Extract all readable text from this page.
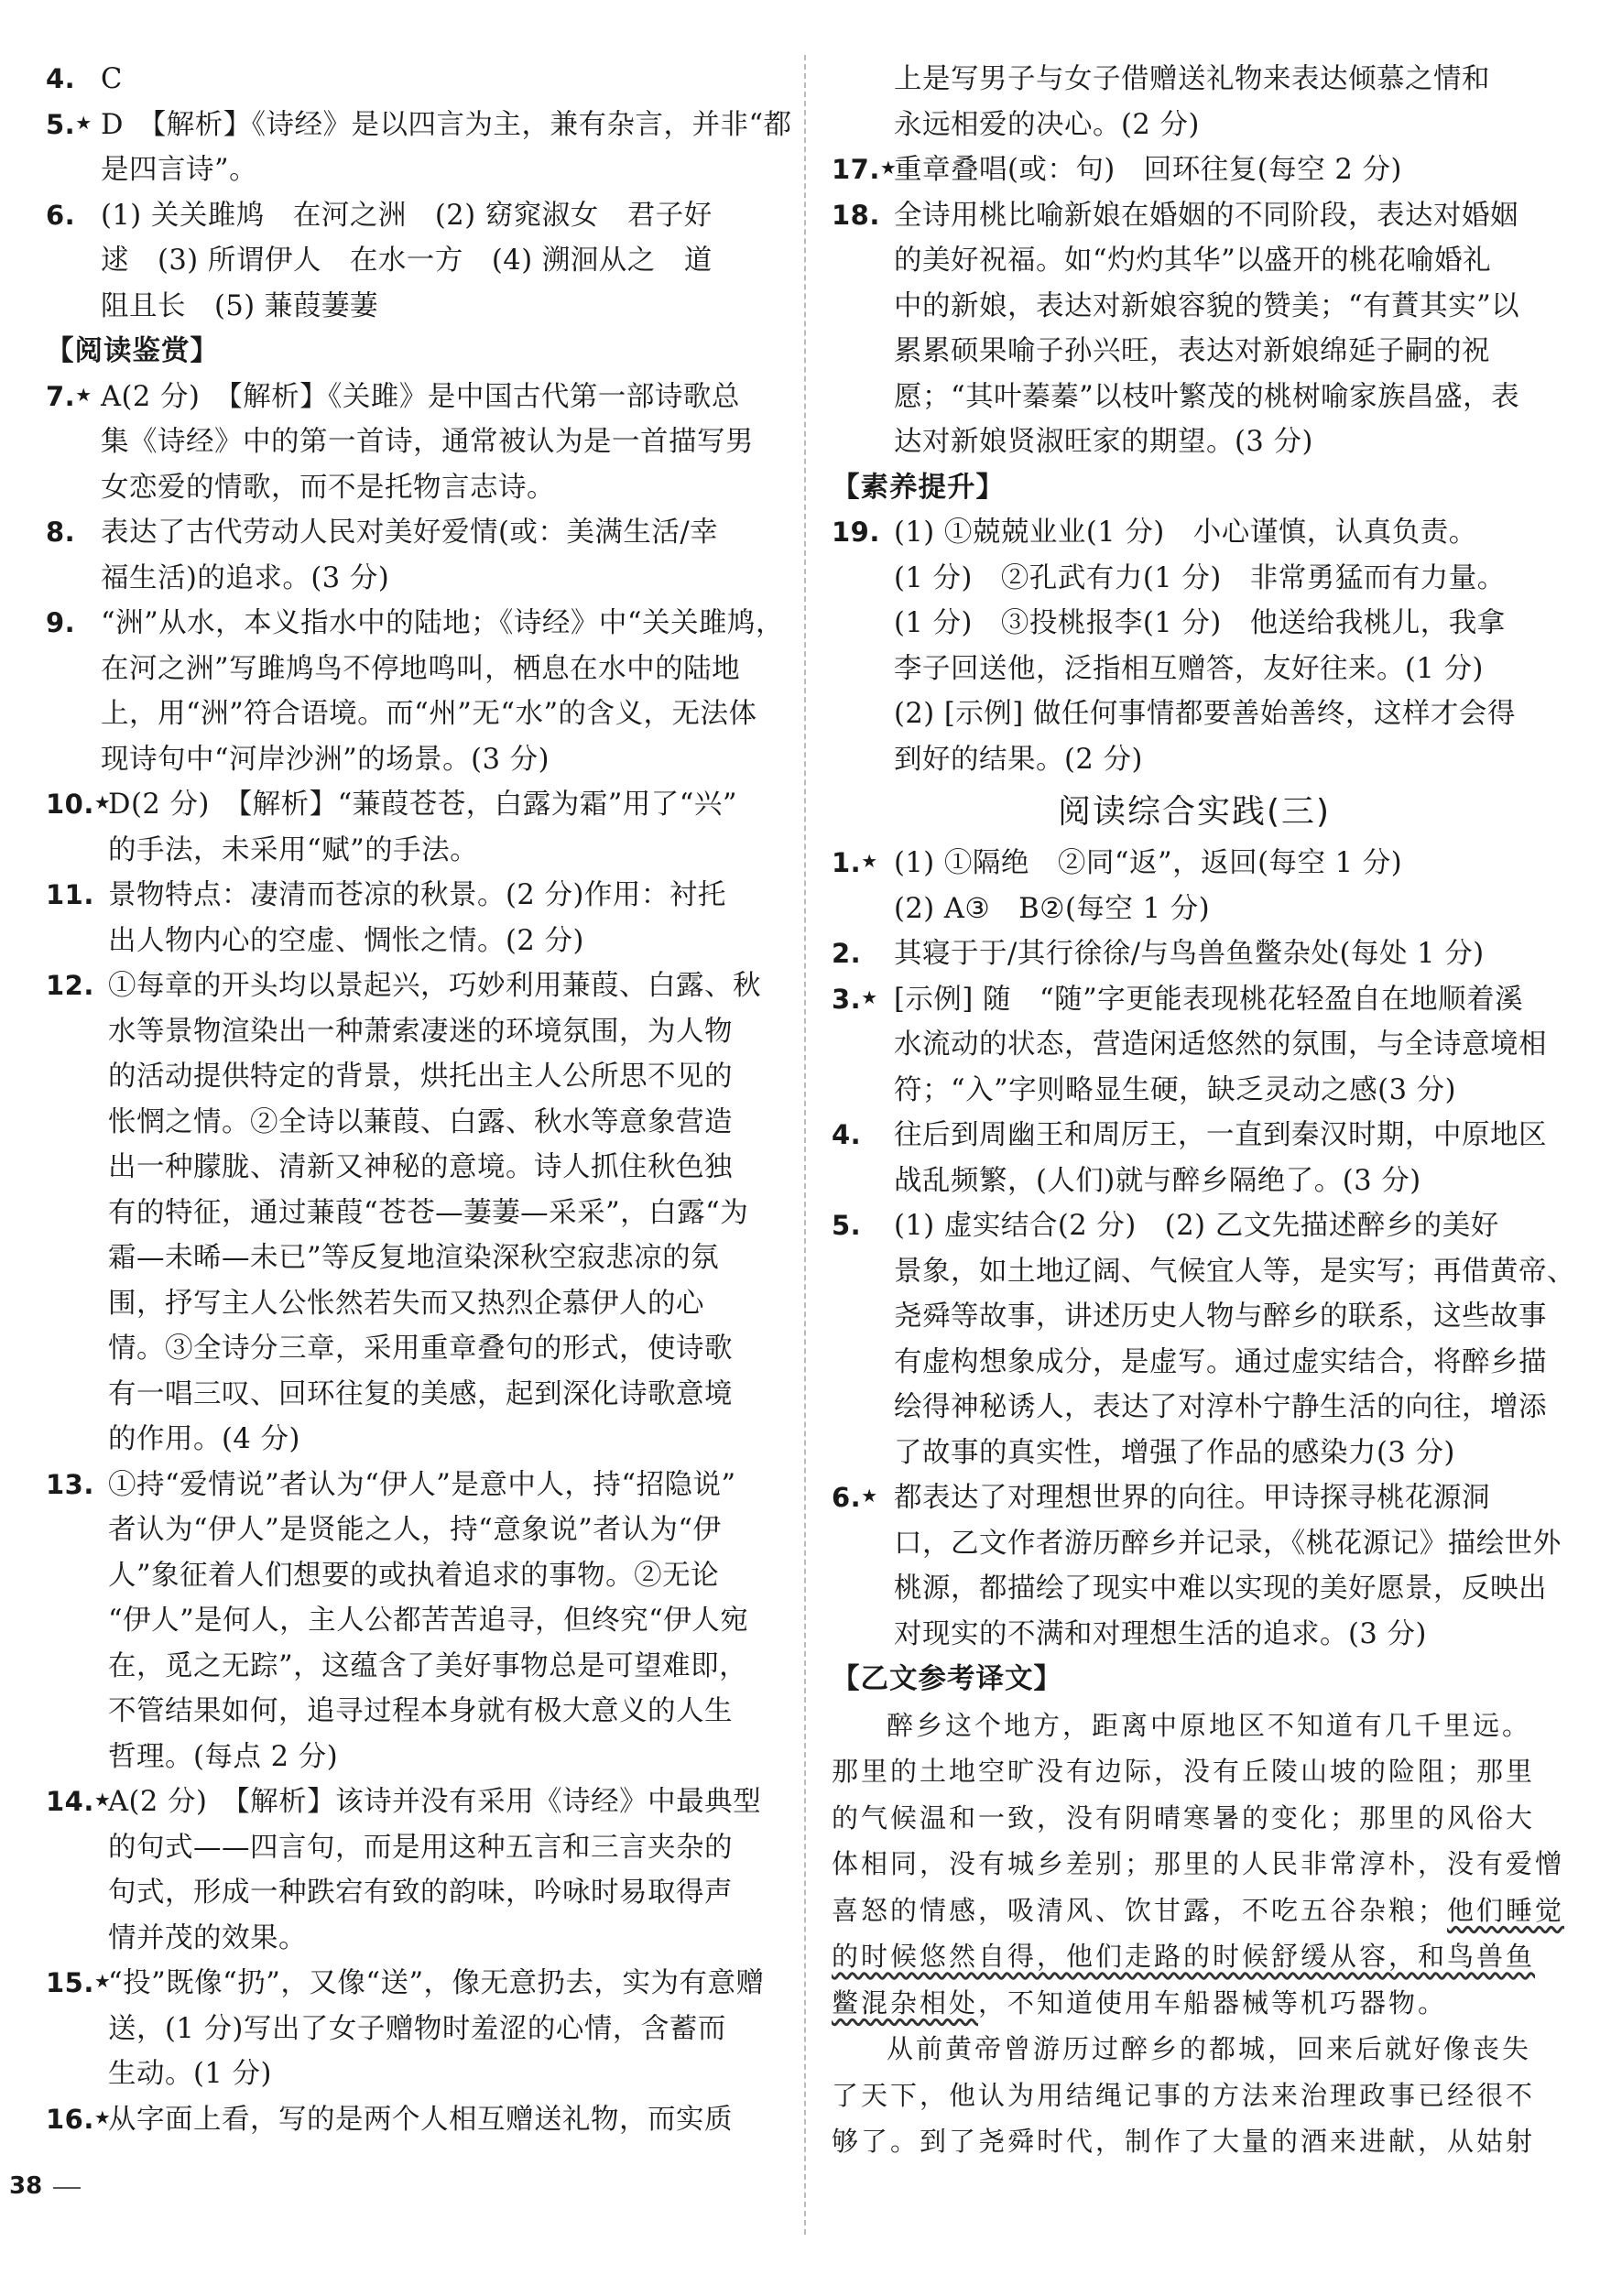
4. C
5.★ D　【解析】《诗经》是以四言为主，兼有杂言，并非“都
是四言诗”。
6. (1) 关关雎鸠　在河之洲　(2) 窈窕淑女　君子好
逑　(3) 所谓伊人　在水一方　(4) 溯洄从之　道
阻且长　(5) 蒹葭萋萋
【阅读鉴赏】
7.★ A(2 分)　【解析】《关雎》是中国古代第一部诗歌总
集《诗经》中的第一首诗，通常被认为是一首描写男
女恋爱的情歌，而不是托物言志诗。
8. 表达了古代劳动人民对美好爱情(或：美满生活/幸
福生活)的追求。(3 分)
9. “洲”从水，本义指水中的陆地；《诗经》中“关关雎鸠，
在河之洲”写雎鸠鸟不停地鸣叫，栖息在水中的陆地
上，用“洲”符合语境。而“州”无“水”的含义，无法体
现诗句中“河岸沙洲”的场景。(3 分)
10.★
D(2 分)　【解析】“蒹葭苍苍，白露为霜”用了“兴”
的手法，未采用“赋”的手法。
11. 景物特点：凄清而苍凉的秋景。(2 分)作用：衬托
出人物内心的空虚、惆怅之情。(2 分)
12. ①每章的开头均以景起兴，巧妙利用蒹葭、白露、秋
水等景物渲染出一种萧索凄迷的环境氛围，为人物
的活动提供特定的背景，烘托出主人公所思不见的
怅惘之情。②全诗以蒹葭、白露、秋水等意象营造
出一种朦胧、清新又神秘的意境。诗人抓住秋色独
有的特征，通过蒹葭“苍苍—萋萋—采采”，白露“为
霜—未晞—未已”等反复地渲染深秋空寂悲凉的氛
围，抒写主人公怅然若失而又热烈企慕伊人的心
情。③全诗分三章，采用重章叠句的形式，使诗歌
有一唱三叹、回环往复的美感，起到深化诗歌意境
的作用。(4 分)
13. ①持“爱情说”者认为“伊人”是意中人，持“招隐说”
者认为“伊人”是贤能之人，持“意象说”者认为“伊
人”象征着人们想要的或执着追求的事物。②无论
“伊人”是何人，主人公都苦苦追寻，但终究“伊人宛
在，觅之无踪”，这蕴含了美好事物总是可望难即，
不管结果如何，追寻过程本身就有极大意义的人生
哲理。(每点 2 分)
14.★
A(2 分)　【解析】该诗并没有采用《诗经》中最典型
的句式——四言句，而是用这种五言和三言夹杂的
句式，形成一种跌宕有致的韵味，吟咏时易取得声
情并茂的效果。
15.★
“投”既像“扔”，又像“送”，像无意扔去，实为有意赠
送，(1 分)写出了女子赠物时羞涩的心情，含蓄而
生动。(1 分)
16.★
从字面上看，写的是两个人相互赠送礼物，而实质
上是写男子与女子借赠送礼物来表达倾慕之情和
永远相爱的决心。(2 分)
17.★
重章叠唱(或：句)　回环往复(每空 2 分)
18. 全诗用桃比喻新娘在婚姻的不同阶段，表达对婚姻
的美好祝福。如“灼灼其华”以盛开的桃花喻婚礼
中的新娘，表达对新娘容貌的赞美；“有蕡其实”以
累累硕果喻子孙兴旺，表达对新娘绵延子嗣的祝
愿；“其叶蓁蓁”以枝叶繁茂的桃树喻家族昌盛，表
达对新娘贤淑旺家的期望。(3 分)
【素养提升】
19. (1) ①兢兢业业(1 分)　小心谨慎，认真负责。
(1 分)　②孔武有力(1 分)　非常勇猛而有力量。
(1 分)　③投桃报李(1 分)　他送给我桃儿，我拿
李子回送他，泛指相互赠答，友好往来。(1 分)
(2) [示例] 做任何事情都要善始善终，这样才会得
到好的结果。(2 分)
阅读综合实践(三)
1.★ (1) ①隔绝　②同“返”，返回(每空 1 分)
(2) A③　B②(每空 1 分)
2. 其寝于于/其行徐徐/与鸟兽鱼鳖杂处(每处 1 分)
3.★ [示例] 随　“随”字更能表现桃花轻盈自在地顺着溪
水流动的状态，营造闲适悠然的氛围，与全诗意境相
符；“入”字则略显生硬，缺乏灵动之感(3 分)
4. 往后到周幽王和周厉王，一直到秦汉时期，中原地区
战乱频繁，(人们)就与醉乡隔绝了。(3 分)
5. (1) 虚实结合(2 分)　(2) 乙文先描述醉乡的美好
景象，如土地辽阔、气候宜人等，是实写；再借黄帝、
尧舜等故事，讲述历史人物与醉乡的联系，这些故事
有虚构想象成分，是虚写。通过虚实结合，将醉乡描
绘得神秘诱人，表达了对淳朴宁静生活的向往，增添
了故事的真实性，增强了作品的感染力(3 分)
6.★ 都表达了对理想世界的向往。甲诗探寻桃花源洞
口，乙文作者游历醉乡并记录，《桃花源记》描绘世外
桃源，都描绘了现实中难以实现的美好愿景，反映出
对现实的不满和对理想生活的追求。(3 分)
【乙文参考译文】
醉乡这个地方，距离中原地区不知道有几千里远。
那里的土地空旷没有边际，没有丘陵山坡的险阻；那里
的气候温和一致，没有阴晴寒暑的变化；那里的风俗大
体相同，没有城乡差别；那里的人民非常淳朴，没有爱憎
喜怒的情感，吸清风、饮甘露，不吃五谷杂粮；他们睡觉
的时候悠然自得，他们走路的时候舒缓从容，和鸟兽鱼
鳖混杂相处，不知道使用车船器械等机巧器物。
从前黄帝曾游历过醉乡的都城，回来后就好像丧失
了天下，他认为用结绳记事的方法来治理政事已经很不
够了。到了尧舜时代，制作了大量的酒来进献，从姑射
38
